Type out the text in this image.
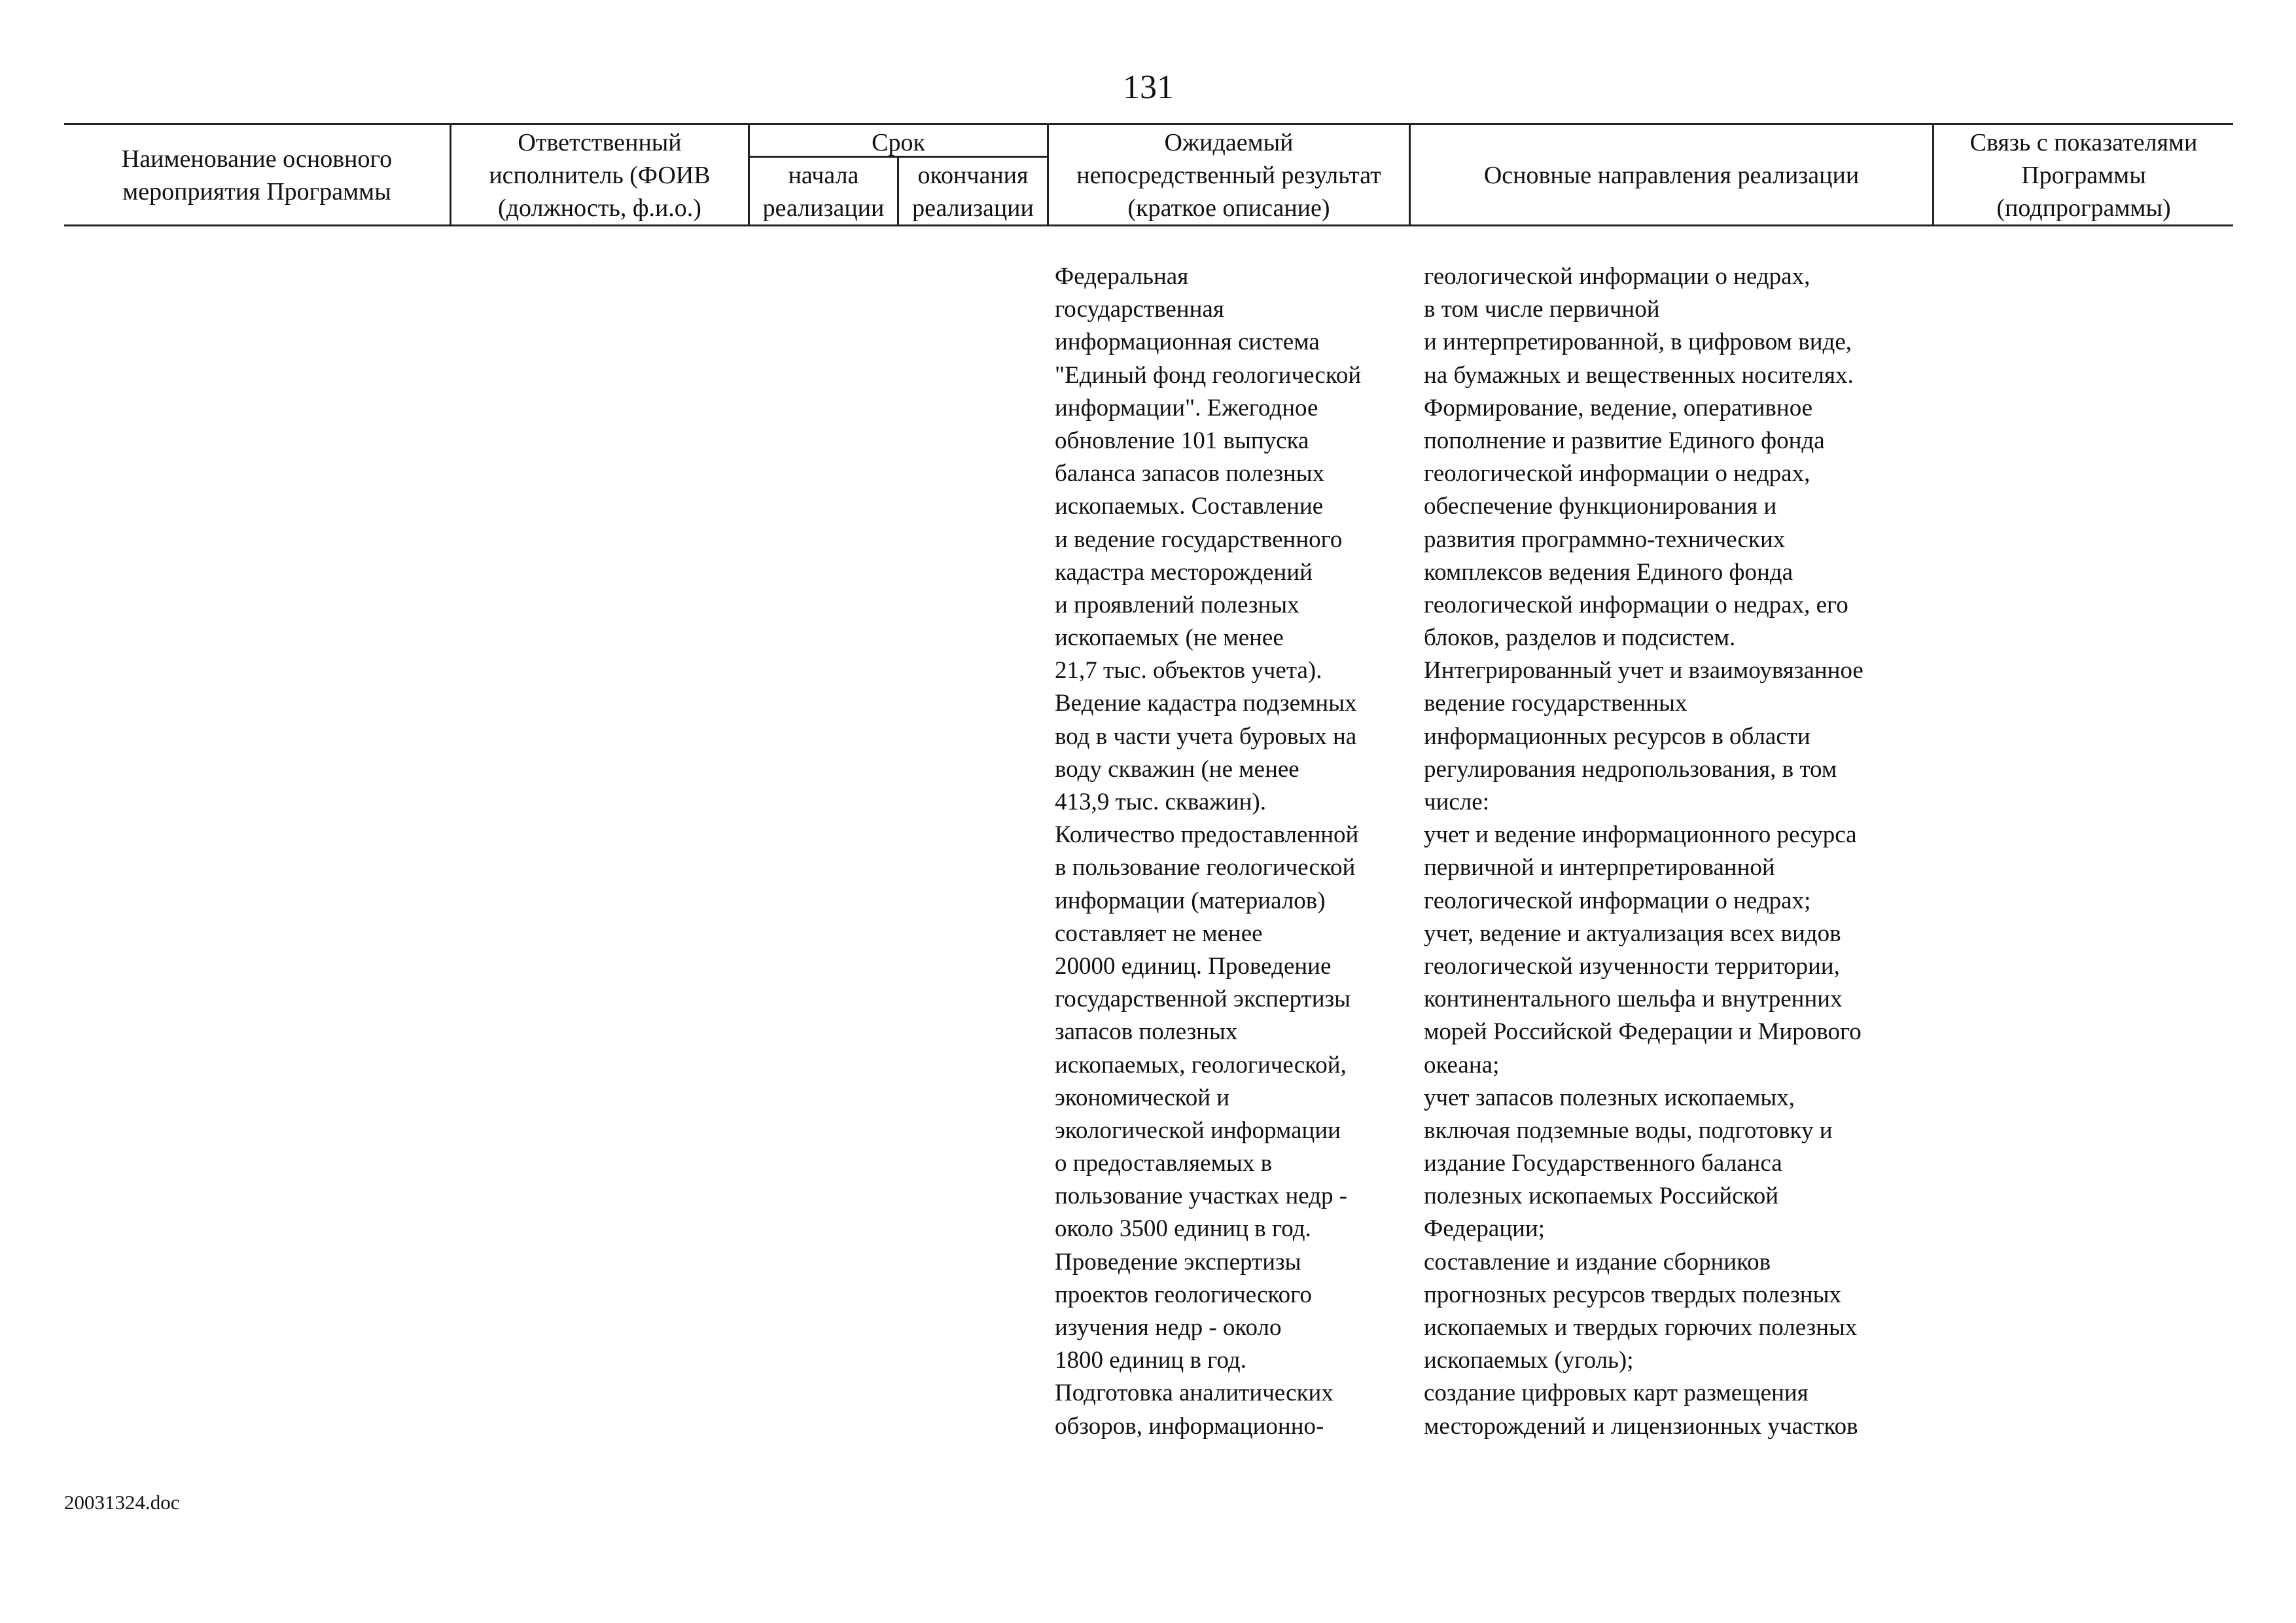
131
Наименование основного
мероприятия Программы
Ответственный
исполнитель (ФОИВ
(должность, ф.и.о.)
Срок
начала
реализации
окончания
реализации
Ожидаемый
непосредственный результат
(краткое описание)
Основные направления реализации
Связь с показателями
Программы
(подпрограммы)
Федеральная
государственная
информационная система
"Единый фонд геологической
информации". Ежегодное
обновление 101 выпуска
баланса запасов полезных
ископаемых. Составление
и ведение государственного
кадастра месторождений
и проявлений полезных
ископаемых (не менее
21,7 тыс. объектов учета).
Ведение кадастра подземных
вод в части учета буровых на
воду скважин (не менее
413,9 тыс. скважин).
Количество предоставленной
в пользование геологической
информации (материалов)
составляет не менее
20000 единиц. Проведение
государственной экспертизы
запасов полезных
ископаемых, геологической,
экономической и
экологической информации
о предоставляемых в
пользование участках недр -
около 3500 единиц в год.
Проведение экспертизы
проектов геологического
изучения недр - около
1800 единиц в год.
Подготовка аналитических
обзоров, информационно-
геологической информации о недрах,
в том числе первичной
и интерпретированной, в цифровом виде,
на бумажных и вещественных носителях.
Формирование, ведение, оперативное
пополнение и развитие Единого фонда
геологической информации о недрах,
обеспечение функционирования и
развития программно-технических
комплексов ведения Единого фонда
геологической информации о недрах, его
блоков, разделов и подсистем.
Интегрированный учет и взаимоувязанное
ведение государственных
информационных ресурсов в области
регулирования недропользования, в том
числе:
учет и ведение информационного ресурса
первичной и интерпретированной
геологической информации о недрах;
учет, ведение и актуализация всех видов
геологической изученности территории,
континентального шельфа и внутренних
морей Российской Федерации и Мирового
океана;
учет запасов полезных ископаемых,
включая подземные воды, подготовку и
издание Государственного баланса
полезных ископаемых Российской
Федерации;
составление и издание сборников
прогнозных ресурсов твердых полезных
ископаемых и твердых горючих полезных
ископаемых (уголь);
создание цифровых карт размещения
месторождений и лицензионных участков
20031324.doc
